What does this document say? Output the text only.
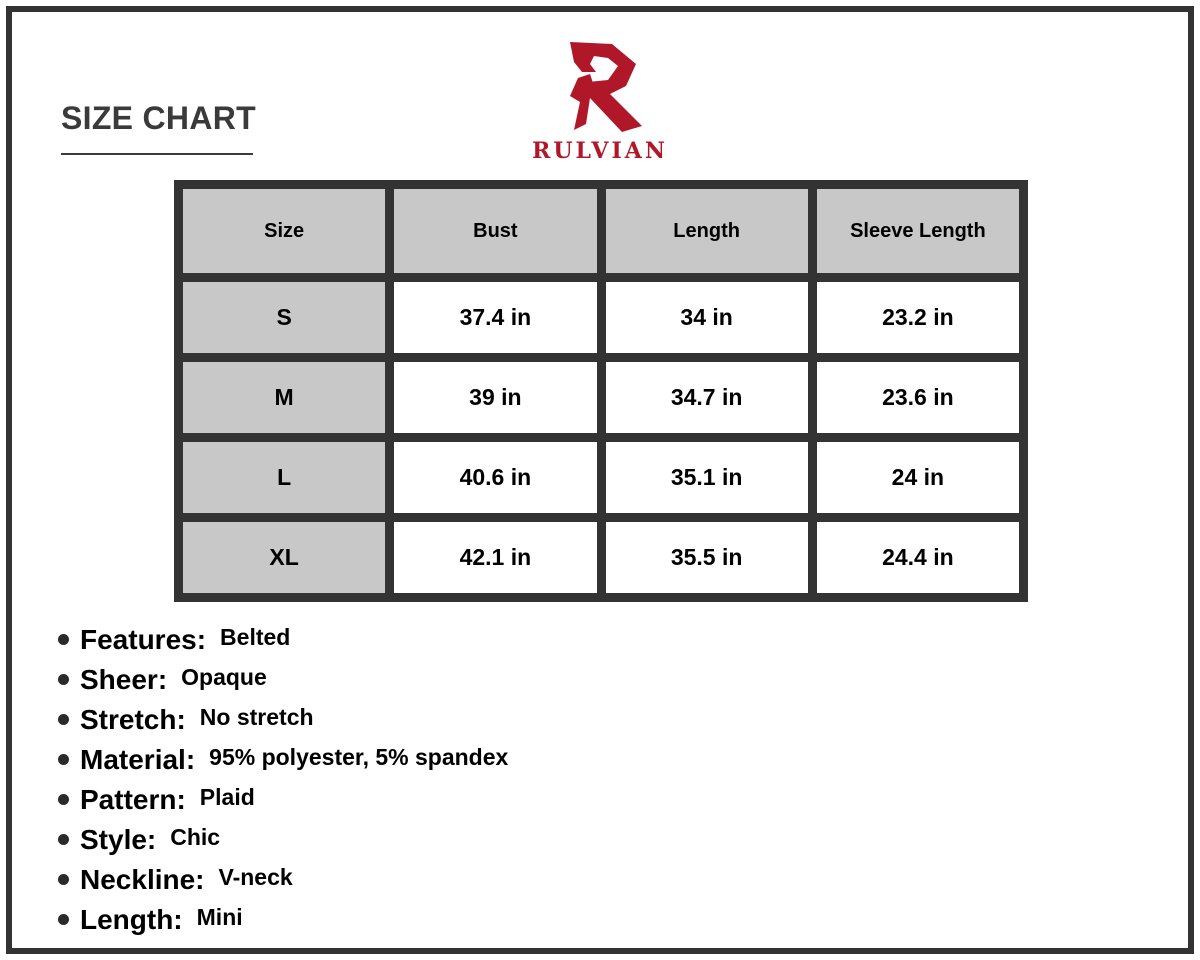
SIZE CHART
RULVIAN
Size	Bust	Length	Sleeve Length
S	37.4 in	34 in	23.2 in
M	39 in	34.7 in	23.6 in
L	40.6 in	35.1 in	24 in
XL	42.1 in	35.5 in	24.4 in
Features: Belted
Sheer: Opaque
Stretch: No stretch
Material: 95% polyester, 5% spandex
Pattern: Plaid
Style: Chic
Neckline: V-neck
Length: Mini
